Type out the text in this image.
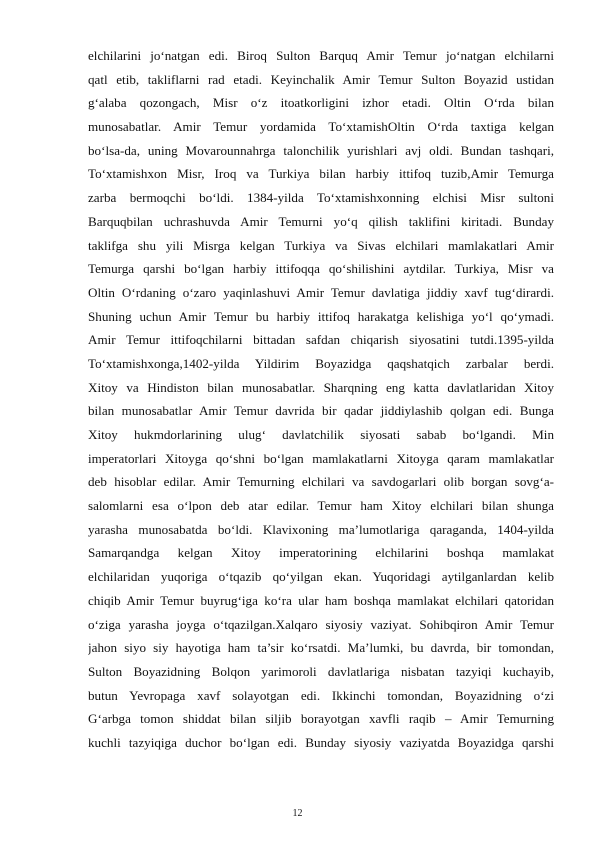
elchilarini jo‘natgan edi. Biroq Sulton Barquq Amir Temur jo‘natgan elchilarni
qatl etib, takliflarni rad etadi. Keyinchalik Amir Temur Sulton Boyazid ustidan
g‘alaba qozongach, Misr o‘z itoatkorligini izhor etadi. Oltin O‘rda bilan
munosabatlar. Amir Temur yordamida To‘xtamishOltin O‘rda taxtiga kelgan
bo‘lsa-da, uning Movarounnahrga talonchilik yurishlari avj oldi. Bundan tashqari,
To‘xtamishxon Misr, Iroq va Turkiya bilan harbiy ittifoq tuzib,Amir Temurga
zarba bermoqchi bo‘ldi. 1384-yilda To‘xtamishxonning elchisi Misr sultoni
Barquqbilan uchrashuvda Amir Temurni yo‘q qilish taklifini kiritadi. Bunday
taklifga shu yili Misrga kelgan Turkiya va Sivas elchilari mamlakatlari Amir
Temurga qarshi bo‘lgan harbiy ittifoqqa qo‘shilishini aytdilar. Turkiya, Misr va
Oltin O‘rdaning o‘zaro yaqinlashuvi Amir Temur davlatiga jiddiy xavf tug‘dirardi.
Shuning uchun Amir Temur bu harbiy ittifoq harakatga kelishiga yo‘l qo‘ymadi.
Amir Temur ittifoqchilarni bittadan safdan chiqarish siyosatini tutdi.1395-yilda
To‘xtamishxonga,1402-yilda Yildirim Boyazidga qaqshatqich zarbalar berdi.
Xitoy va Hindiston bilan munosabatlar. Sharqning eng katta davlatlaridan Xitoy
bilan munosabatlar Amir Temur davrida bir qadar jiddiylashib qolgan edi. Bunga
Xitoy hukmdorlarining ulug‘ davlatchilik siyosati sabab bo‘lgandi. Min
imperatorlari Xitoyga qo‘shni bo‘lgan mamlakatlarni Xitoyga qaram mamlakatlar
deb hisoblar edilar. Amir Temurning elchilari va savdogarlari olib borgan sovg‘a-
salomlarni esa o‘lpon deb atar edilar. Temur ham Xitoy elchilari bilan shunga
yarasha munosabatda bo‘ldi. Klavixoning ma’lumotlariga qaraganda, 1404-yilda
Samarqandga kelgan Xitoy imperatorining elchilarini boshqa mamlakat
elchilaridan yuqoriga o‘tqazib qo‘yilgan ekan. Yuqoridagi aytilganlardan kelib
chiqib Amir Temur buyrug‘iga ko‘ra ular ham boshqa mamlakat elchilari qatoridan
o‘ziga yarasha joyga o‘tqazilgan.Xalqaro siyosiy vaziyat. Sohibqiron Amir Temur
jahon siyo siy hayotiga ham ta’sir ko‘rsatdi. Ma’lumki, bu davrda, bir tomondan,
Sulton Boyazidning Bolqon yarimoroli davlatlariga nisbatan tazyiqi kuchayib,
butun Yevropaga xavf solayotgan edi. Ikkinchi tomondan, Boyazidning o‘zi
G‘arbga tomon shiddat bilan siljib borayotgan xavfli raqib – Amir Temurning
kuchli tazyiqiga duchor bo‘lgan edi. Bunday siyosiy vaziyatda Boyazidga qarshi
12
